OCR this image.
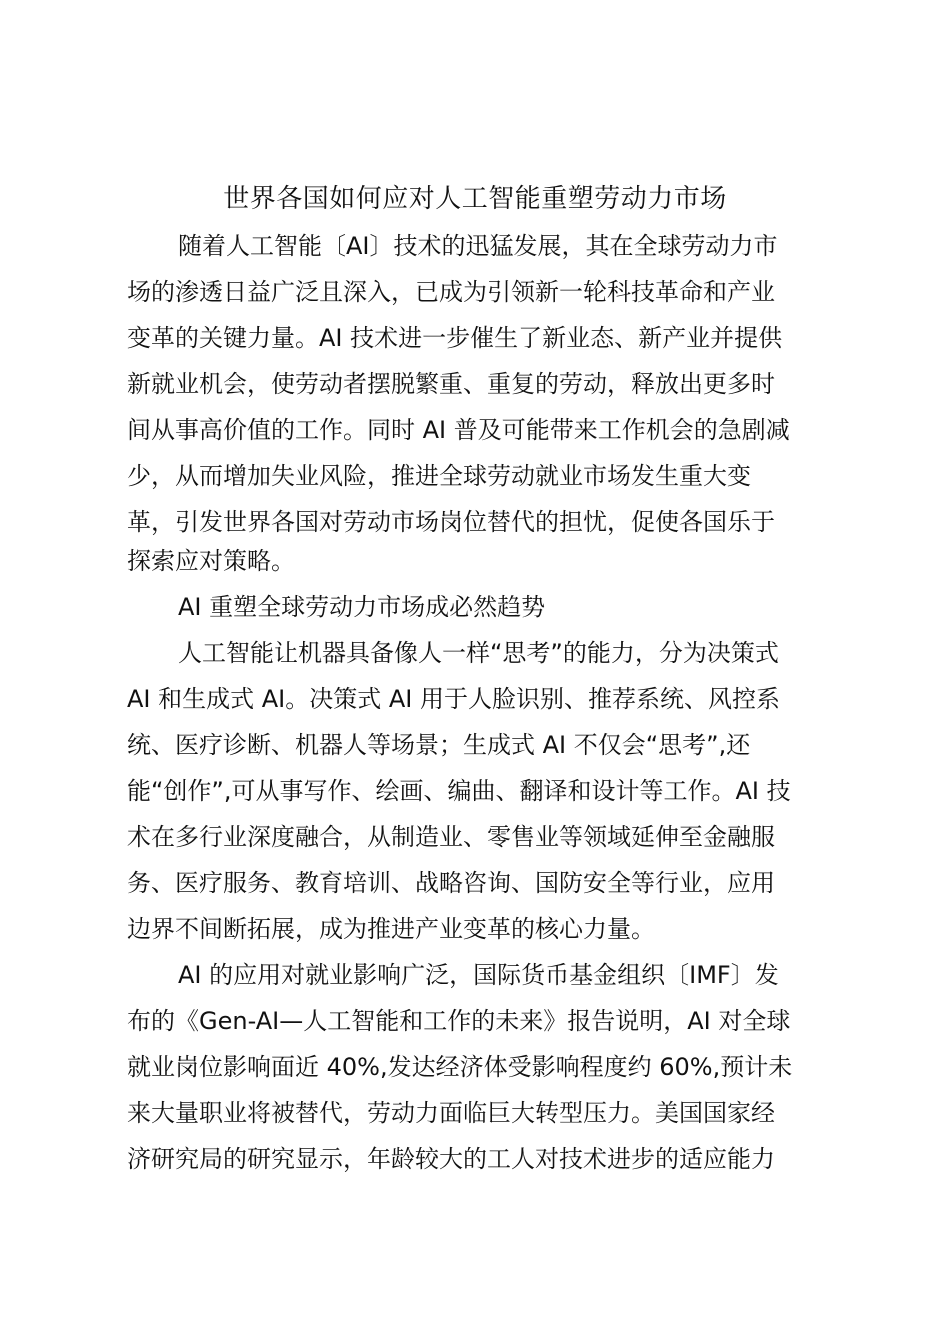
世界各国如何应对人工智能重塑劳动力市场
随着人工智能〔AI〕技术的迅猛发展，其在全球劳动力市
场的渗透日益广泛且深入，已成为引领新一轮科技革命和产业
变革的关键力量。AI 技术进一步催生了新业态、新产业并提供
新就业机会，使劳动者摆脱繁重、重复的劳动，释放出更多时
间从事高价值的工作。同时 AI 普及可能带来工作机会的急剧减
少，从而增加失业风险，推进全球劳动就业市场发生重大变
革，引发世界各国对劳动市场岗位替代的担忧，促使各国乐于
探索应对策略。
AI 重塑全球劳动力市场成必然趋势
人工智能让机器具备像人一样“思考”的能力，分为决策式
AI 和生成式 AI。决策式 AI 用于人脸识别、推荐系统、风控系
统、医疗诊断、机器人等场景；生成式 AI 不仅会“思考”,还
能“创作”,可从事写作、绘画、编曲、翻译和设计等工作。AI 技
术在多行业深度融合，从制造业、零售业等领域延伸至金融服
务、医疗服务、教育培训、战略咨询、国防安全等行业，应用
边界不间断拓展，成为推进产业变革的核心力量。
AI 的应用对就业影响广泛，国际货币基金组织〔IMF〕发
布的《Gen-AI—人工智能和工作的未来》报告说明，AI 对全球
就业岗位影响面近 40%,发达经济体受影响程度约 60%,预计未
来大量职业将被替代，劳动力面临巨大转型压力。美国国家经
济研究局的研究显示，年龄较大的工人对技术进步的适应能力
